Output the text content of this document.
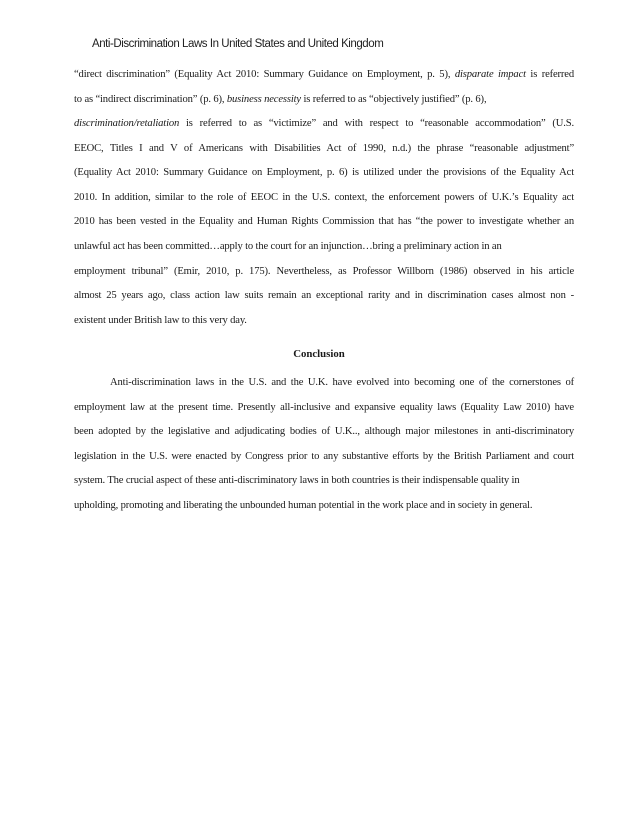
Anti-Discrimination Laws In United States and United Kingdom
“direct discrimination” (Equality Act 2010: Summary Guidance on Employment, p. 5), disparate impact is referred
to as “indirect discrimination” (p. 6), business necessity is referred to as “objectively justified” (p. 6),
discrimination/retaliation is referred to as “victimize” and with respect to “reasonable accommodation” (U.S.
EEOC, Titles I and V of Americans with Disabilities Act of 1990, n.d.) the phrase “reasonable adjustment”
(Equality Act 2010: Summary Guidance on Employment, p. 6) is utilized under the provisions of the Equality Act
2010. In addition, similar to the role of EEOC in the U.S. context, the enforcement powers of U.K.’s Equality act
2010 has been vested in the Equality and Human Rights Commission that has “the power to investigate whether an
unlawful act has been committed…apply to the court for an injunction…bring a preliminary action in an
employment tribunal” (Emir, 2010, p. 175). Nevertheless, as Professor Willborn (1986) observed in his article
almost 25 years ago, class action law suits remain an exceptional rarity and in discrimination cases almost non -
existent under British law to this very day.
Conclusion
Anti-discrimination laws in the U.S. and the U.K. have evolved into becoming one of the cornerstones of
employment law at the present time. Presently all-inclusive and expansive equality laws (Equality Law 2010) have
been adopted by the legislative and adjudicating bodies of U.K.., although major milestones in anti-discriminatory
legislation in the U.S. were enacted by Congress prior to any substantive efforts by the British Parliament and court
system. The crucial aspect of these anti-discriminatory laws in both countries is their indispensable quality in
upholding, promoting and liberating the unbounded human potential in the work place and in society in general.
